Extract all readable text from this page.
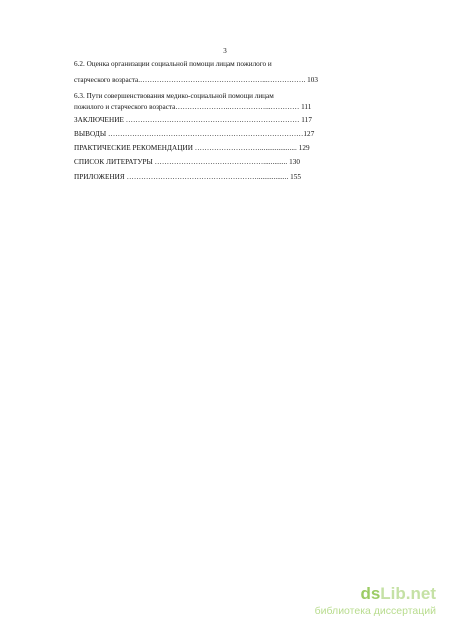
3
6.2. Оценка организации социальной помощи лицам пожилого и
старческого возраста.……………………………………………...……………. 103
6.3. Пути совершенствования медико-социальной помощи лицам
пожилого и старческого возраста…………………..……………...………… 111
ЗАКЛЮЧЕНИЕ ……………………………………………………………… 117
ВЫВОДЫ ………………………………………………………………………127
ПРАКТИЧЕСКИЕ РЕКОМЕНДАЦИИ ……………………….................... 129
СПИСОК ЛИТЕРАТУРЫ ………………………………………............. 130
ПРИЛОЖЕНИЯ ………………………………………………................. 155
dsLib.net
библиотека диссертаций
